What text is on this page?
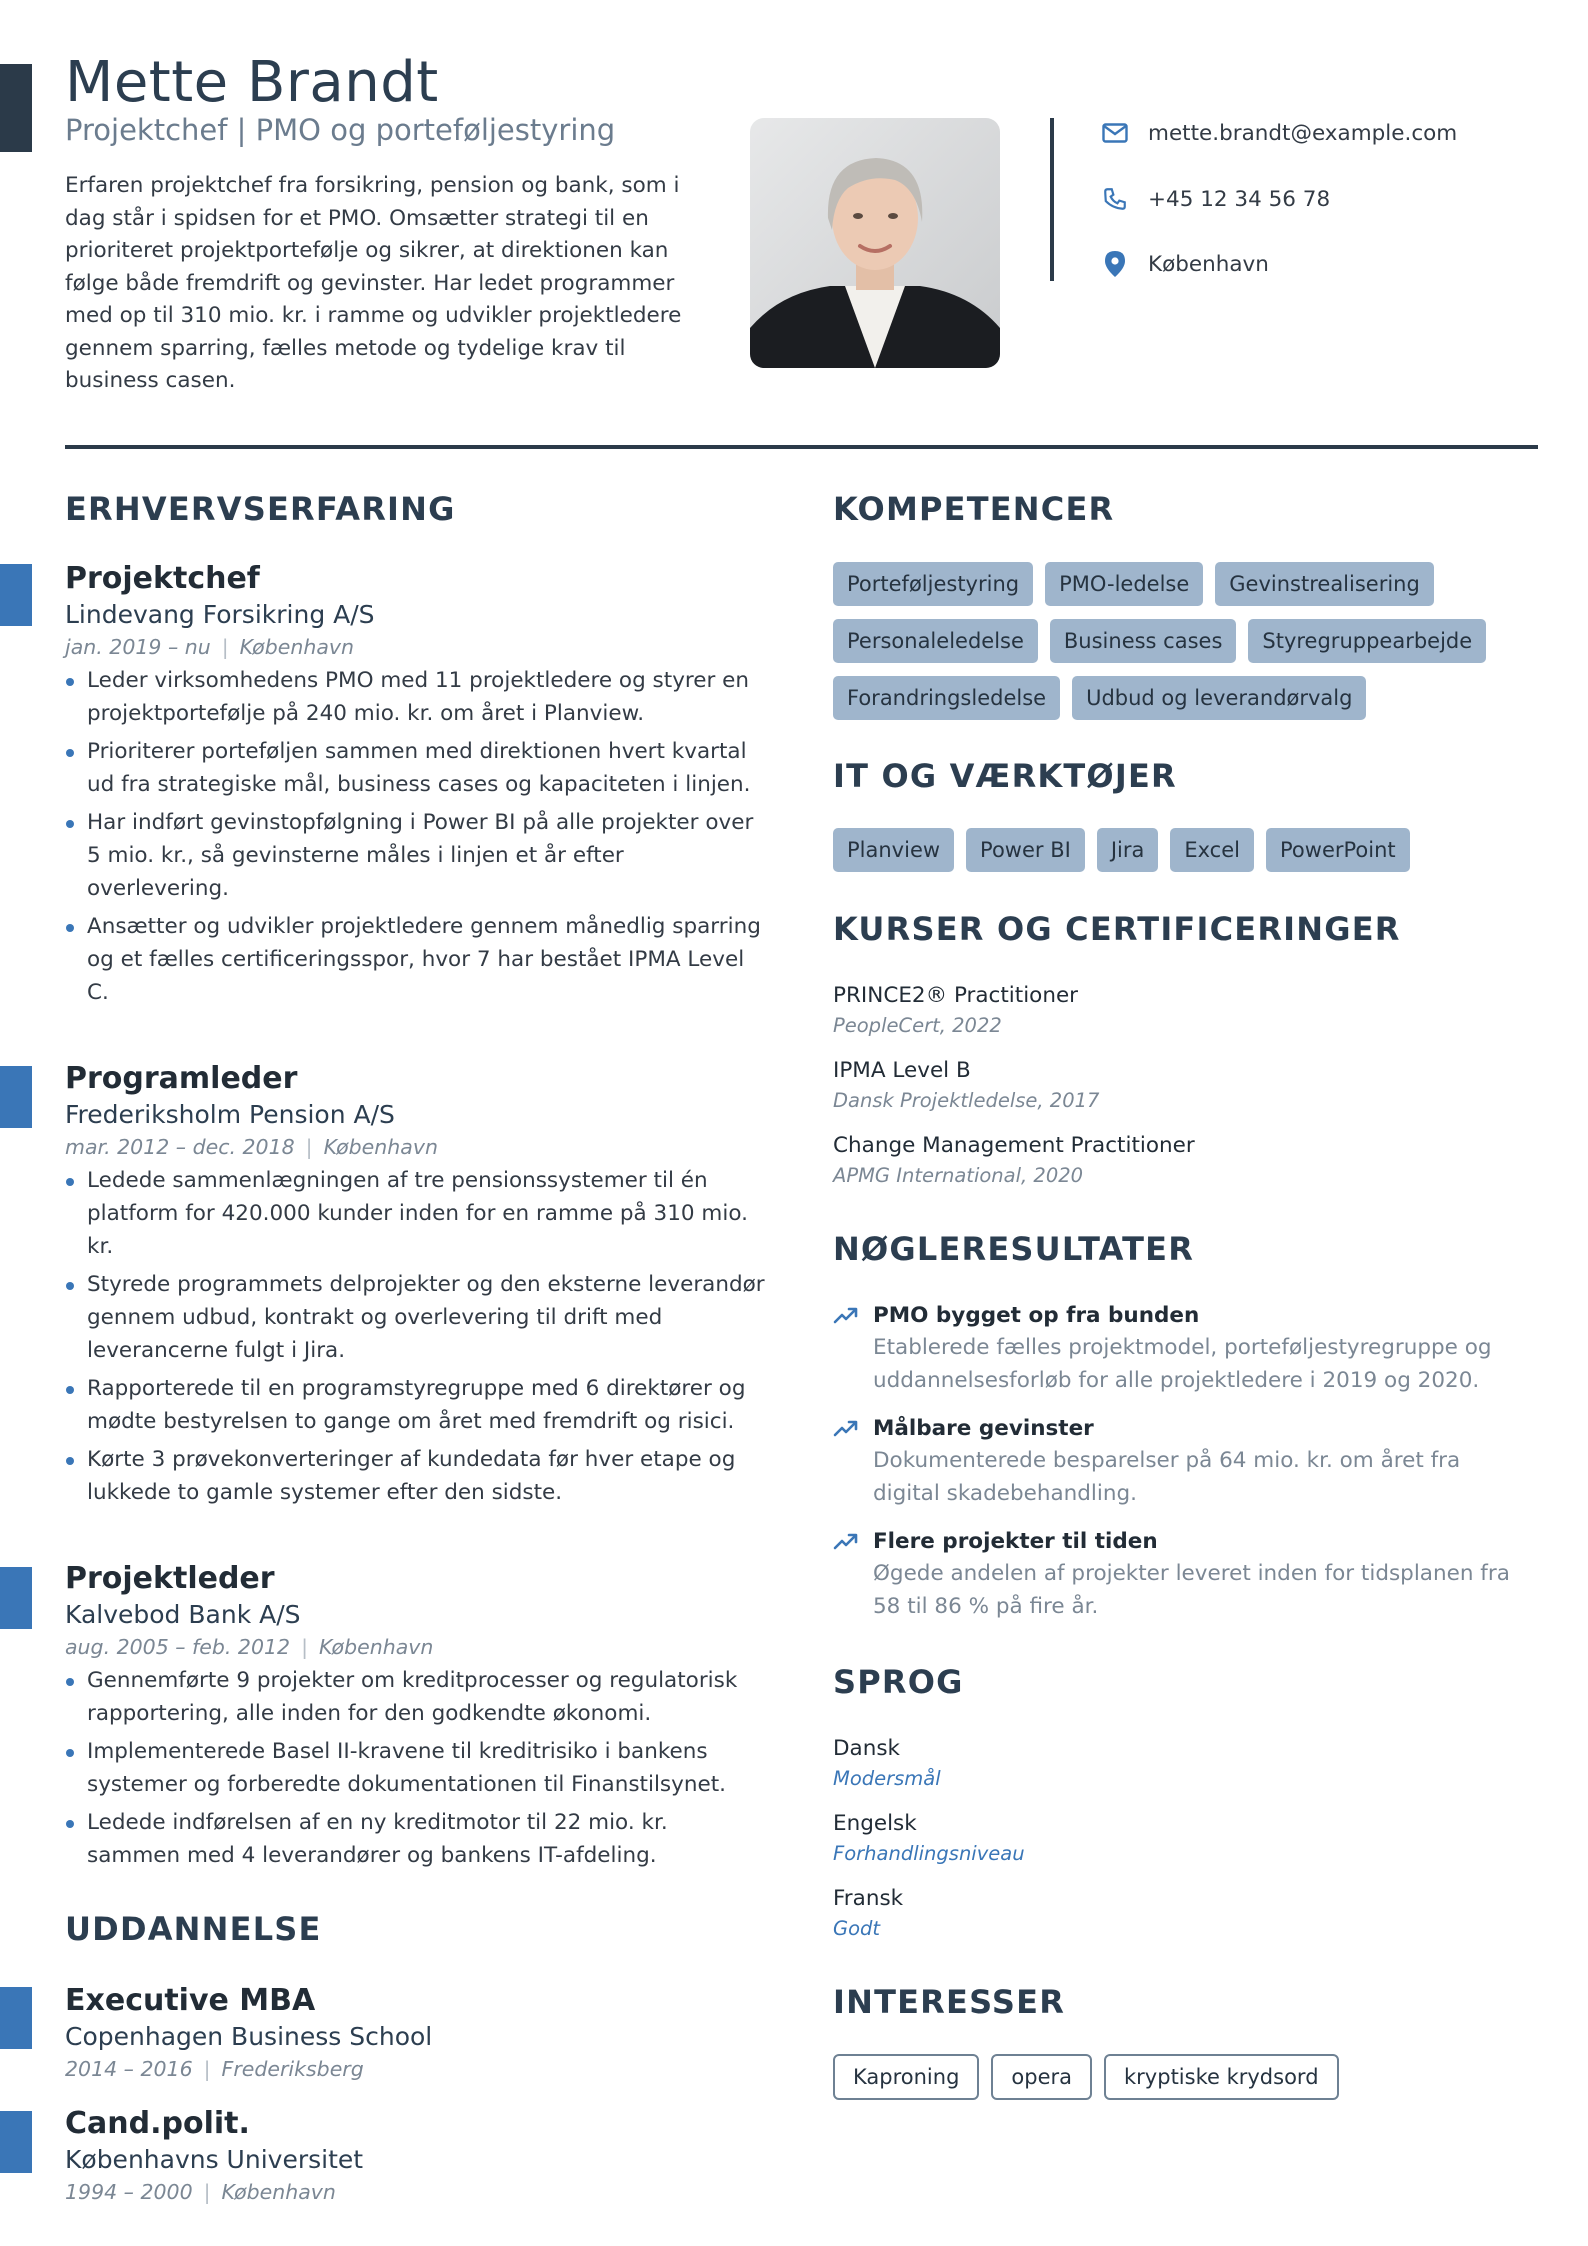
Mette Brandt
Projektchef | PMO og porteføljestyring

Erfaren projektchef fra forsikring, pension og bank, som i dag står i spidsen for et PMO. Omsætter strategi til en prioriteret projektportefølje og sikrer, at direktionen kan følge både fremdrift og gevinster. Har ledet programmer med op til 310 mio. kr. i ramme og udvikler projektledere gennem sparring, fælles metode og tydelige krav til business casen.

mette.brandt@example.com
+45 12 34 56 78
København
ERHVERVSERFARING
Projektchef
Lindevang Forsikring A/S
jan. 2019 – nu | København
Leder virksomhedens PMO med 11 projektledere og styrer en projektportefølje på 240 mio. kr. om året i Planview.
Prioriterer porteføljen sammen med direktionen hvert kvartal ud fra strategiske mål, business cases og kapaciteten i linjen.
Har indført gevinstopfølgning i Power BI på alle projekter over 5 mio. kr., så gevinsterne måles i linjen et år efter overlevering.
Ansætter og udvikler projektledere gennem månedlig sparring og et fælles certificeringsspor, hvor 7 har bestået IPMA Level C.
Programleder
Frederiksholm Pension A/S
mar. 2012 – dec. 2018 | København
Ledede sammenlægningen af tre pensionssystemer til én platform for 420.000 kunder inden for en ramme på 310 mio. kr.
Styrede programmets delprojekter og den eksterne leverandør gennem udbud, kontrakt og overlevering til drift med leverancerne fulgt i Jira.
Rapporterede til en programstyregruppe med 6 direktører og mødte bestyrelsen to gange om året med fremdrift og risici.
Kørte 3 prøvekonverteringer af kundedata før hver etape og lukkede to gamle systemer efter den sidste.
Projektleder
Kalvebod Bank A/S
aug. 2005 – feb. 2012 | København
Gennemførte 9 projekter om kreditprocesser og regulatorisk rapportering, alle inden for den godkendte økonomi.
Implementerede Basel II-kravene til kreditrisiko i bankens systemer og forberedte dokumentationen til Finanstilsynet.
Ledede indførelsen af en ny kreditmotor til 22 mio. kr. sammen med 4 leverandører og bankens IT-afdeling.
UDDANNELSE
Executive MBA
Copenhagen Business School
2014 – 2016 | Frederiksberg
Cand.polit.
Københavns Universitet
1994 – 2000 | København
KOMPETENCER
Porteføljestyring	PMO-ledelse	Gevinstrealisering
Personaleledelse	Business cases	Styregruppearbejde
Forandringsledelse	Udbud og leverandørvalg
IT OG VÆRKTØJER
Planview	Power BI	Jira	Excel	PowerPoint
KURSER OG CERTIFICERINGER
PRINCE2® Practitioner
PeopleCert, 2022
IPMA Level B
Dansk Projektledelse, 2017
Change Management Practitioner
APMG International, 2020
NØGLERESULTATER
PMO bygget op fra bunden
Etablerede fælles projektmodel, porteføljestyregruppe og uddannelsesforløb for alle projektledere i 2019 og 2020.
Målbare gevinster
Dokumenterede besparelser på 64 mio. kr. om året fra digital skadebehandling.
Flere projekter til tiden
Øgede andelen af projekter leveret inden for tidsplanen fra 58 til 86 % på fire år.
SPROG
Dansk
Modersmål
Engelsk
Forhandlingsniveau
Fransk
Godt
INTERESSER
Kaproning	opera	kryptiske krydsord
